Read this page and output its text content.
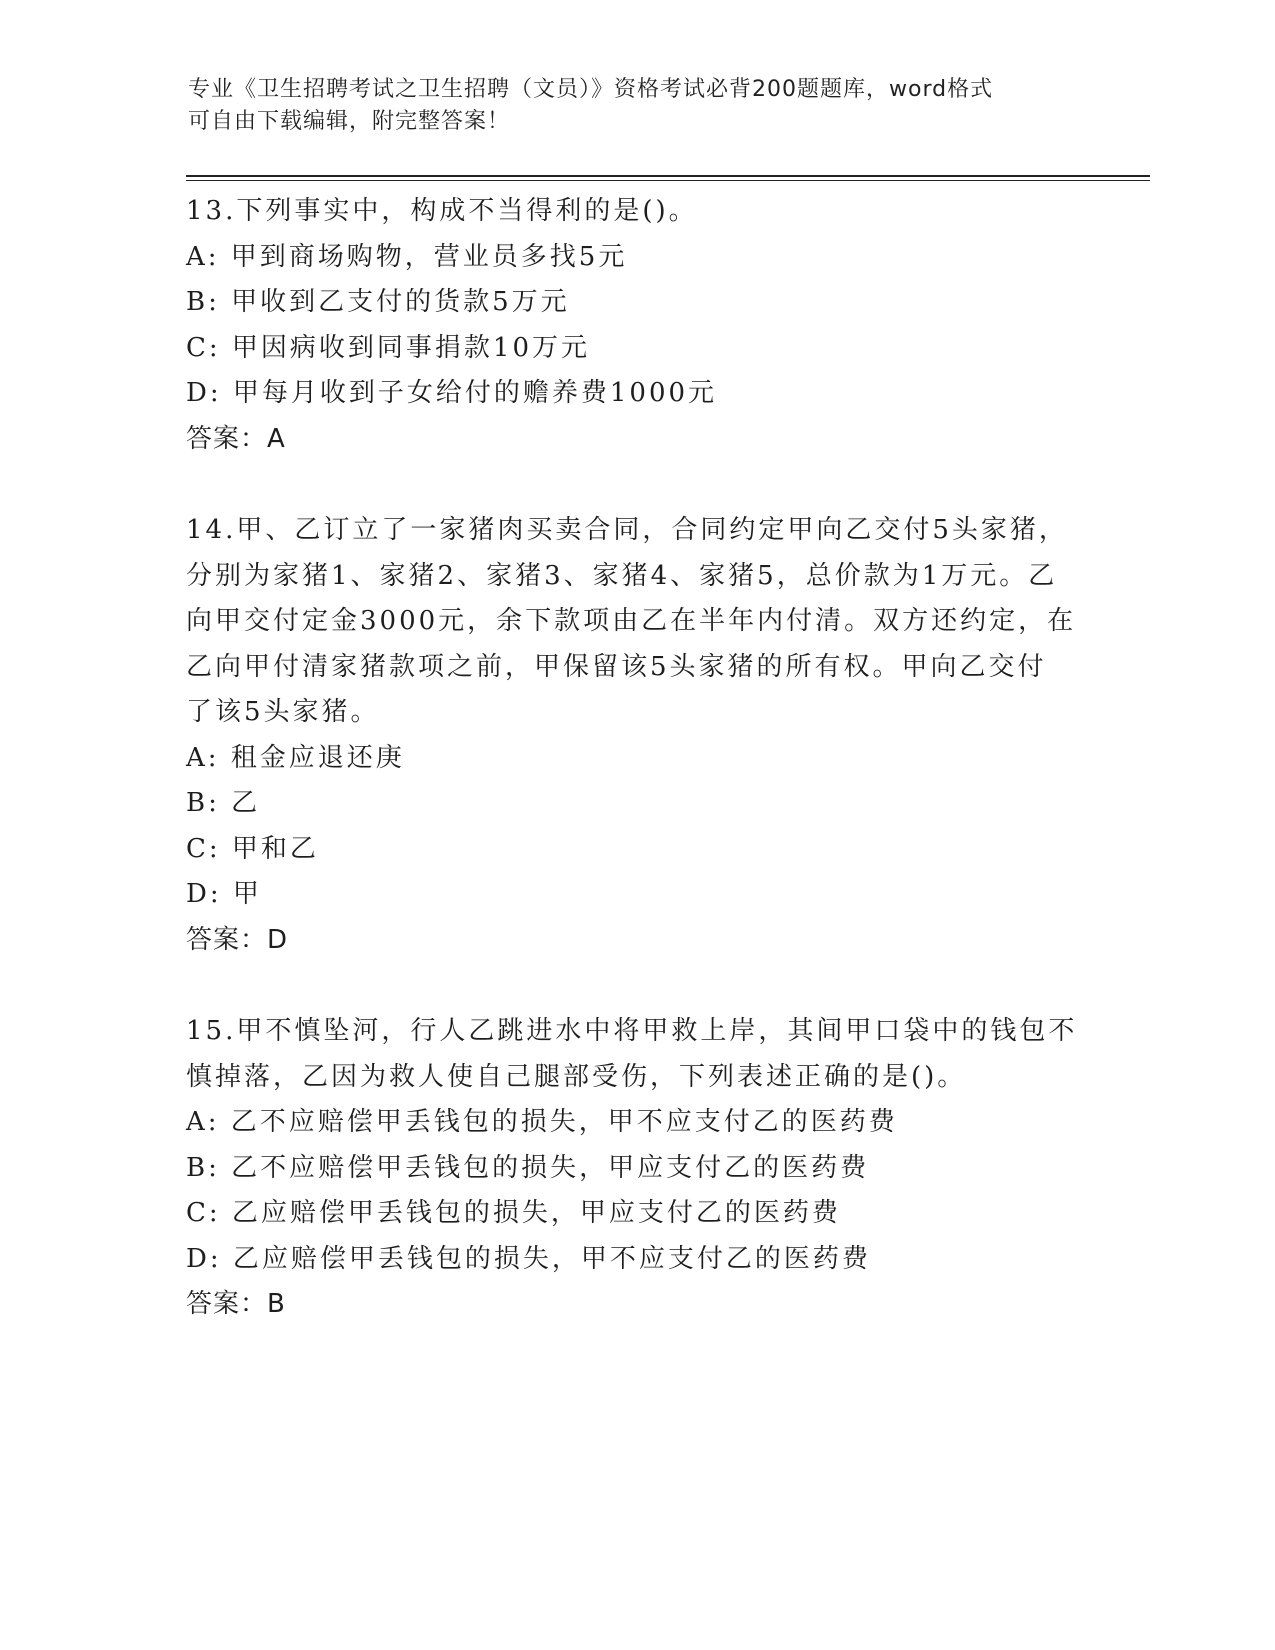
专业《卫生招聘考试之卫生招聘（文员）》资格考试必背200题题库，word格式
可自由下载编辑，附完整答案！
13.下列事实中，构成不当得利的是()。
A: 甲到商场购物，营业员多找5元
B: 甲收到乙支付的货款5万元
C: 甲因病收到同事捐款10万元
D: 甲每月收到子女给付的赡养费1000元
答案：A
14.甲、乙订立了一家猪肉买卖合同，合同约定甲向乙交付5头家猪，
分别为家猪1、家猪2、家猪3、家猪4、家猪5，总价款为1万元。乙
向甲交付定金3000元，余下款项由乙在半年内付清。双方还约定，在
乙向甲付清家猪款项之前，甲保留该5头家猪的所有权。甲向乙交付
了该5头家猪。
A: 租金应退还庚
B: 乙
C: 甲和乙
D: 甲
答案：D
15.甲不慎坠河，行人乙跳进水中将甲救上岸，其间甲口袋中的钱包不
慎掉落，乙因为救人使自己腿部受伤，下列表述正确的是()。
A: 乙不应赔偿甲丢钱包的损失，甲不应支付乙的医药费
B: 乙不应赔偿甲丢钱包的损失，甲应支付乙的医药费
C: 乙应赔偿甲丢钱包的损失，甲应支付乙的医药费
D: 乙应赔偿甲丢钱包的损失，甲不应支付乙的医药费
答案：B
